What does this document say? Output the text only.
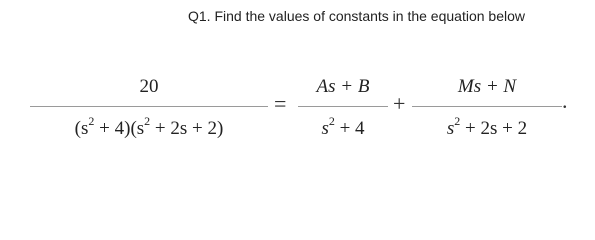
Q1. Find the values of constants in the equation below
20
$(s^2 + 4)(s^2 + 2s + 2)$
=
As + B
$s^2 + 4$
+
Ms + N
$s^2 + 2s + 2$
.
